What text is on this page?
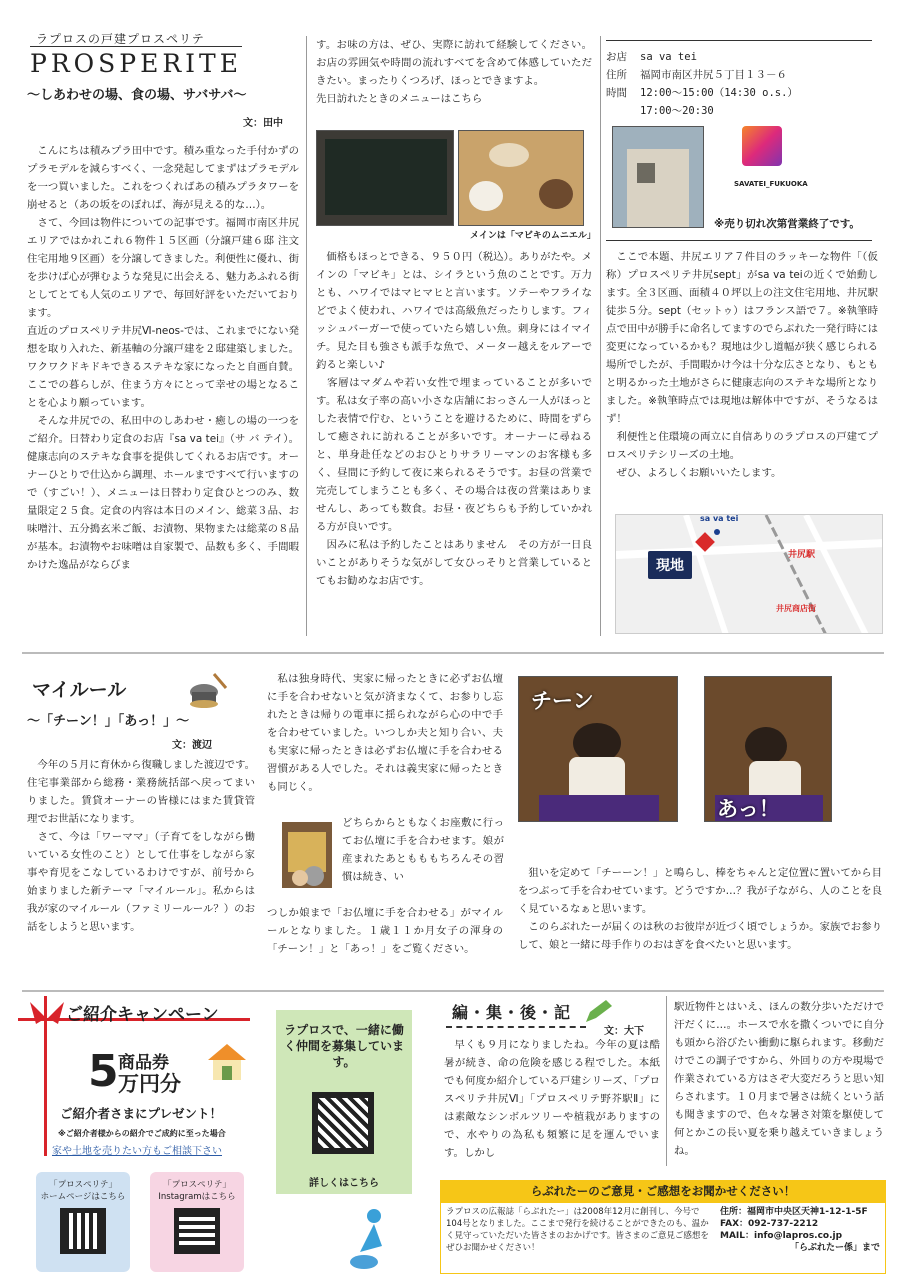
ラプロスの戸建プロスペリテ
PROSPERITE
〜しあわせの場、食の場、サバサバ〜
文：田中

こんにちは積みプラ田中です。積み重なった手付かずのプラモデルを減らすべく、一念発起してまずはプラモデルを一つ買いました。これをつくればあの積みプラタワーを崩せると（あの坂をのぼれば、海が見える的な…）。
　さて、今回は物件についての記事です。福岡市南区井尻エリアではかれこれ６物件１５区画（分譲戸建６邸 注文住宅用地９区画）を分譲してきました。利便性に優れ、街を歩けば心が弾むような発見に出会える、魅力あふれる街としてとても人気のエリアで、毎回好評をいただいております。
直近のプロスペリテ井尻Ⅵ-neos-では、これまでにない発想を取り入れた、新基軸の分譲戸建を２邸建築しました。ワクワクドキドキできるステキな家になったと自画自賛。ここでの暮らしが、住まう方々にとって幸せの場となることを心より願っています。
　そんな井尻での、私田中のしあわせ・癒しの場の一つをご紹介。日替わり定食のお店『sa va tei』（サ バ テイ）。健康志向のステキな食事を提供してくれるお店です。オーナーひとりで仕込から調理、ホールまですべて行いますので（すごい！）、メニューは日替わり定食ひとつのみ、数量限定２５食。定食の内容は本日のメイン、総菜３品、お味噌汁、五分搗玄米ご飯、お漬物、果物または総菜の８品が基本。お漬物やお味噌は自家製で、品数も多く、手間暇かけた逸品がならびま

す。お味の方は、ぜひ、実際に訪れて経験してください。お店の雰囲気や時間の流れすべてを含めて体感していただきたい。まったりくつろげ、ほっとできますよ。
先日訪れたときのメニューはこちら

メインは「マビキのムニエル」

価格もほっとできる、９５０円（税込）。ありがたや。メインの「マビキ」とは、シイラという魚のことです。万力とも、ハワイではマヒマヒと言います。ソテーやフライなどでよく使われ、ハワイでは高級魚だったりします。フィッシュバーガーで使っていたら嬉しい魚。刺身にはイマイチ。見た目も強さも派手な魚で、メーター越えをルアーで釣ると楽しい♪
　客層はマダムや若い女性で埋まっていることが多いです。私は女子率の高い小さな店舗におっさん一人がほっとした表情で佇む、ということを避けるために、時間をずらして癒されに訪れることが多いです。オーナーに尋ねると、単身赴任などのおひとりサラリーマンのお客様も多く、昼間に予約して夜に来られるそうです。お昼の営業で完売してしまうことも多く、その場合は夜の営業はありませんし、あっても数食。お昼・夜どちらも予約していかれる方が良いです。
　因みに私は予約したことはありません　その方が一日良いことがありそうな気がして女ひっそりと営業しているとてもお勧めなお店です。

お店 sa va tei
住所 福岡市南区井尻５丁目１３－６
時間 12:00～15:00（14:30 o.s.）
17:00～20:30
SAVATEI_FUKUOKA
※売り切れ次第営業終了です。

ここで本題、井尻エリア７件目のラッキーな物件「（仮称）プロスペリテ井尻sept」がsa va teiの近くで始動します。全３区画、面積４０坪以上の注文住宅用地、井尻駅徒歩５分。sept（セットゥ）はフランス語で７。※執筆時点で田中が勝手に命名してますのでらぶれた一発行時には変更になっているかも？現地は少し道幅が狭く感じられる場所でしたが、手間暇かけ今は十分な広さとなり、もともと明るかった土地がさらに健康志向のステキな場所となりました。※執筆時点では現地は解体中ですが、そうなるはず！
　利便性と住環境の両立に自信ありのラプロスの戸建てプロスペリテシリーズの土地。
　ぜひ、よろしくお願いいたします。

sa va tei
現地
井尻駅
井尻商店街
マイルール
〜「チーン！」「あっ！」〜
文：渡辺

今年の５月に育休から復職しました渡辺です。住宅事業部から総務・業務統括部へ戻ってまいりました。賃貸オーナーの皆様にはまた賃貸管理でお世話になります。
　さて、今は「ワーママ」（子育てをしながら働いている女性のこと）として仕事をしながら家事や育児をこなしているわけですが、前号から始まりました新テーマ「マイルール」。私からは我が家のマイルール（ファミリールール？）のお話をしようと思います。

私は独身時代、実家に帰ったときに必ずお仏壇に手を合わせないと気が済まなくて、お参りし忘れたときは帰りの電車に揺られながら心の中で手を合わせていました。いつしか夫と知り合い、夫も実家に帰ったときは必ずお仏壇に手を合わせる習慣がある人でした。それは義実家に帰ったときも同じく。

どちらからともなくお座敷に行ってお仏壇に手を合わせます。娘が産まれたあともももちろんその習慣は続き、い

つしか娘まで「お仏壇に手を合わせる」がマイルールとなりました。１歳１１か月女子の渾身の「チーン！」と「あっ！」をご覧ください。

チーン
あっ！

狙いを定めて「チーーン！」と鳴らし、棒をちゃんと定位置に置いてから目をつぶって手を合わせています。どうですか…？我が子ながら、人のことを良く見ているなぁと思います。
　このらぶれたーが届くのは秋のお彼岸が近づく頃でしょうか。家族でお参りして、娘と一緒に母手作りのおはぎを食べたいと思います。

ご紹介キャンペーン
5 商品券
万円分
ご紹介者さまにプレゼント！
※ご紹介者様からの紹介でご成約に至った場合
家や土地を売りたい方もご相談下さい
「プロスペリテ」
ホームページはこちら
「プロスペリテ」
Instagramはこちら
ラプロスで、一緒に働く仲間を募集しています。
詳しくはこちら
編・集・後・記
文：大下

早くも９月になりましたね。今年の夏は酷暑が続き、命の危険を感じる程でした。本紙でも何度か紹介している戸建シリーズ、「プロスペリテ井尻Ⅵ」「プロスペリテ野芥駅Ⅱ」には素敵なシンボルツリーや植栽がありますので、水やりの為私も頻繁に足を運んでいます。しかし

駅近物件とはいえ、ほんの数分歩いただけで汗だくに…。ホースで水を撒くついでに自分も頭から浴びたい衝動に駆られます。移動だけでこの調子ですから、外回りの方や現場で作業されている方はさぞ大変だろうと思い知らされます。１０月まで暑さは続くという話も聞きますので、色々な暑さ対策を駆使して何とかこの長い夏を乗り越えていきましょうね。

らぶれたーのご意見・ご感想をお聞かせください！

ラプロスの広報誌「らぶれたー」は2008年12月に創刊し、今号で104号となりました。ここまで発行を続けることができたのも、温かく見守っていただいた皆さまのおかげです。皆さまのご意見ご感想をぜひお聞かせください！

住所：福岡市中央区天神1-12-1-5F
FAX：092-737-2212
MAIL：info@lapros.co.jp
「らぶれたー係」まで
